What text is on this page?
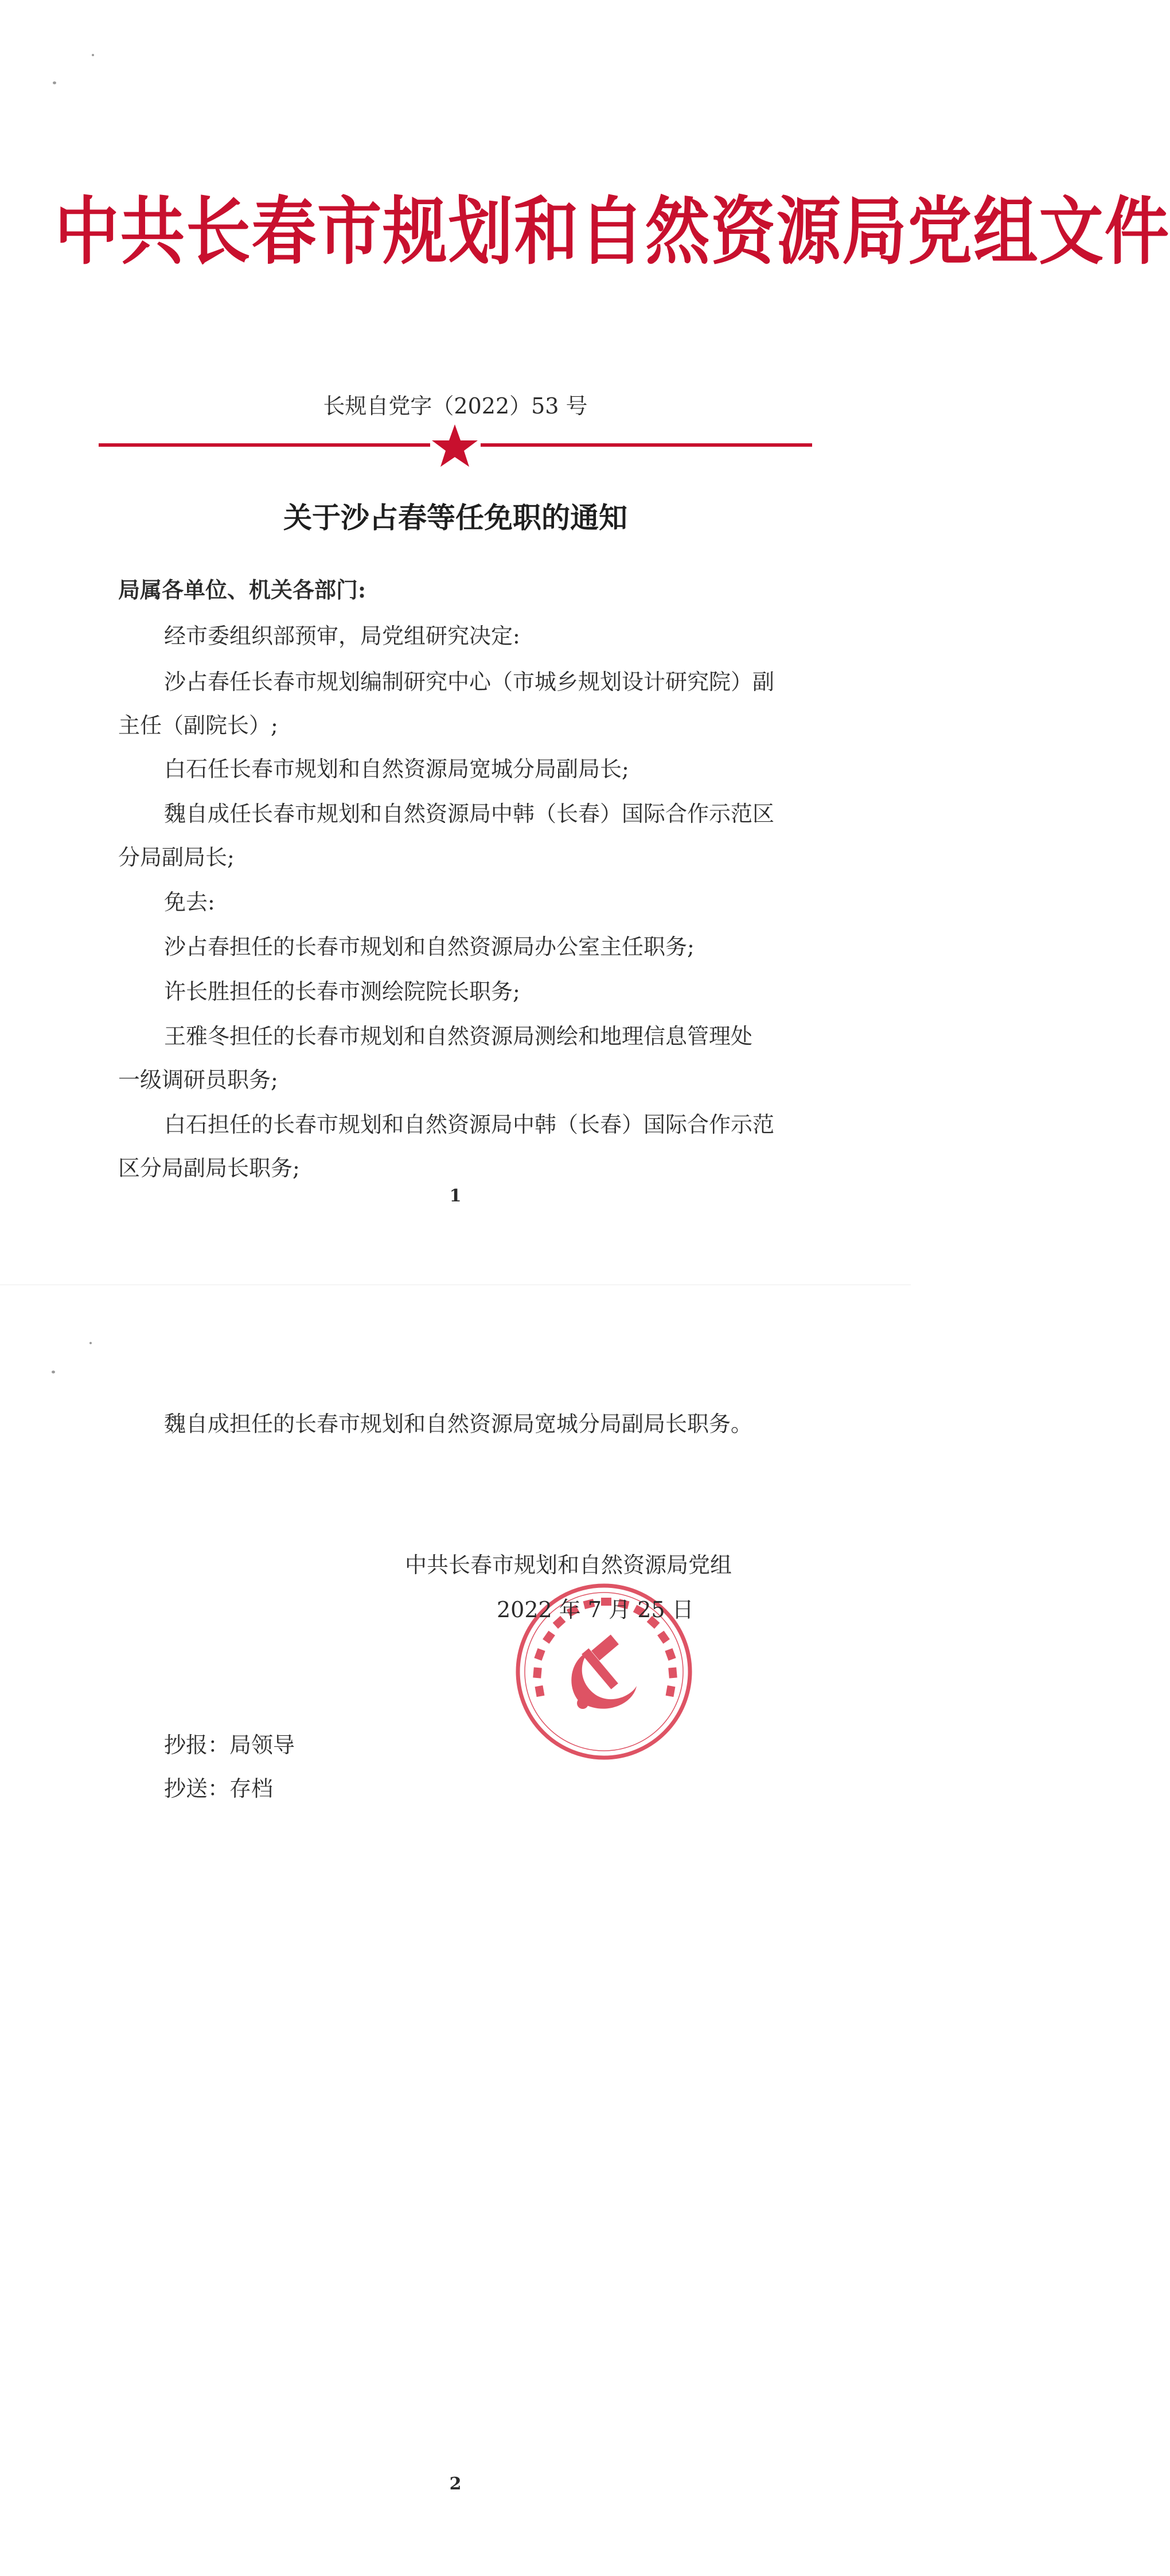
中共长春市规划和自然资源局党组文件
长规自党字（2022）53 号
关于沙占春等任免职的通知
局属各单位、机关各部门:
经市委组织部预审，局党组研究决定:
沙占春任长春市规划编制研究中心（市城乡规划设计研究院）副
主任（副院长）;
白石任长春市规划和自然资源局宽城分局副局长;
魏自成任长春市规划和自然资源局中韩（长春）国际合作示范区
分局副局长;
免去:
沙占春担任的长春市规划和自然资源局办公室主任职务;
许长胜担任的长春市测绘院院长职务;
王雅冬担任的长春市规划和自然资源局测绘和地理信息管理处
一级调研员职务;
白石担任的长春市规划和自然资源局中韩（长春）国际合作示范
区分局副局长职务;
1
魏自成担任的长春市规划和自然资源局宽城分局副局长职务。
中共长春市规划和自然资源局党组
2022 年 7 月 25 日
抄报：局领导
抄送：存档
2
